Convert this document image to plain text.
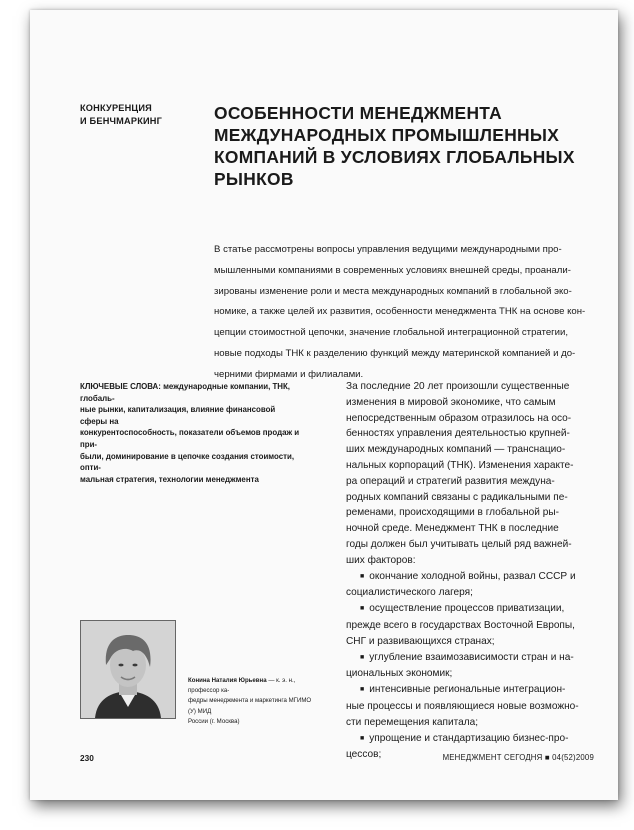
КОНКУРЕНЦИЯ
И БЕНЧМАРКИНГ	ОСОБЕННОСТИ МЕНЕДЖМЕНТА
МЕЖДУНАРОДНЫХ ПРОМЫШЛЕННЫХ
КОМПАНИЙ В УСЛОВИЯХ ГЛОБАЛЬНЫХ
РЫНКОВ
В статье рассмотрены вопросы управления ведущими международными про-
мышленными компаниями в современных условиях внешней среды, проанали-
зированы изменение роли и места международных компаний в глобальной эко-
номике, а также целей их развития, особенности менеджмента ТНК на основе кон-
цепции стоимостной цепочки, значение глобальной интеграционной стратегии,
новые подходы ТНК к разделению функций между материнской компанией и до-
черними фирмами и филиалами.
КЛЮЧЕВЫЕ СЛОВА: международные компании, ТНК, глобаль-
ные рынки, капитализация, влияние финансовой сферы на
конкурентоспособность, показатели объемов продаж и при-
были, доминирование в цепочке создания стоимости, опти-
мальная стратегия, технологии менеджмента
Конина Наталия Юрьевна — к. э. н., профессор ка-
федры менеджмента и маркетинга МГИМО (У) МИД
России (г. Москва)
За последние 20 лет произошли существенные
изменения в мировой экономике, что самым
непосредственным образом отразилось на осо-
бенностях управления деятельностью крупней-
ших международных компаний — транснацио-
нальных корпораций (ТНК). Изменения характе-
ра операций и стратегий развития междуна-
родных компаний связаны с радикальными пе-
ременами, происходящими в глобальной ры-
ночной среде. Менеджмент ТНК в последние
годы должен был учитывать целый ряд важней-
ших факторов:
■ окончание холодной войны, развал СССР и
социалистического лагеря;
■ осуществление процессов приватизации,
прежде всего в государствах Восточной Европы,
СНГ и развивающихся странах;
■ углубление взаимозависимости стран и на-
циональных экономик;
■ интенсивные региональные интеграцион-
ные процессы и появляющиеся новые возможно-
сти перемещения капитала;
■ упрощение и стандартизацию бизнес-про-
цессов;
230	МЕНЕДЖМЕНТ СЕГОДНЯ ■ 04(52)2009
